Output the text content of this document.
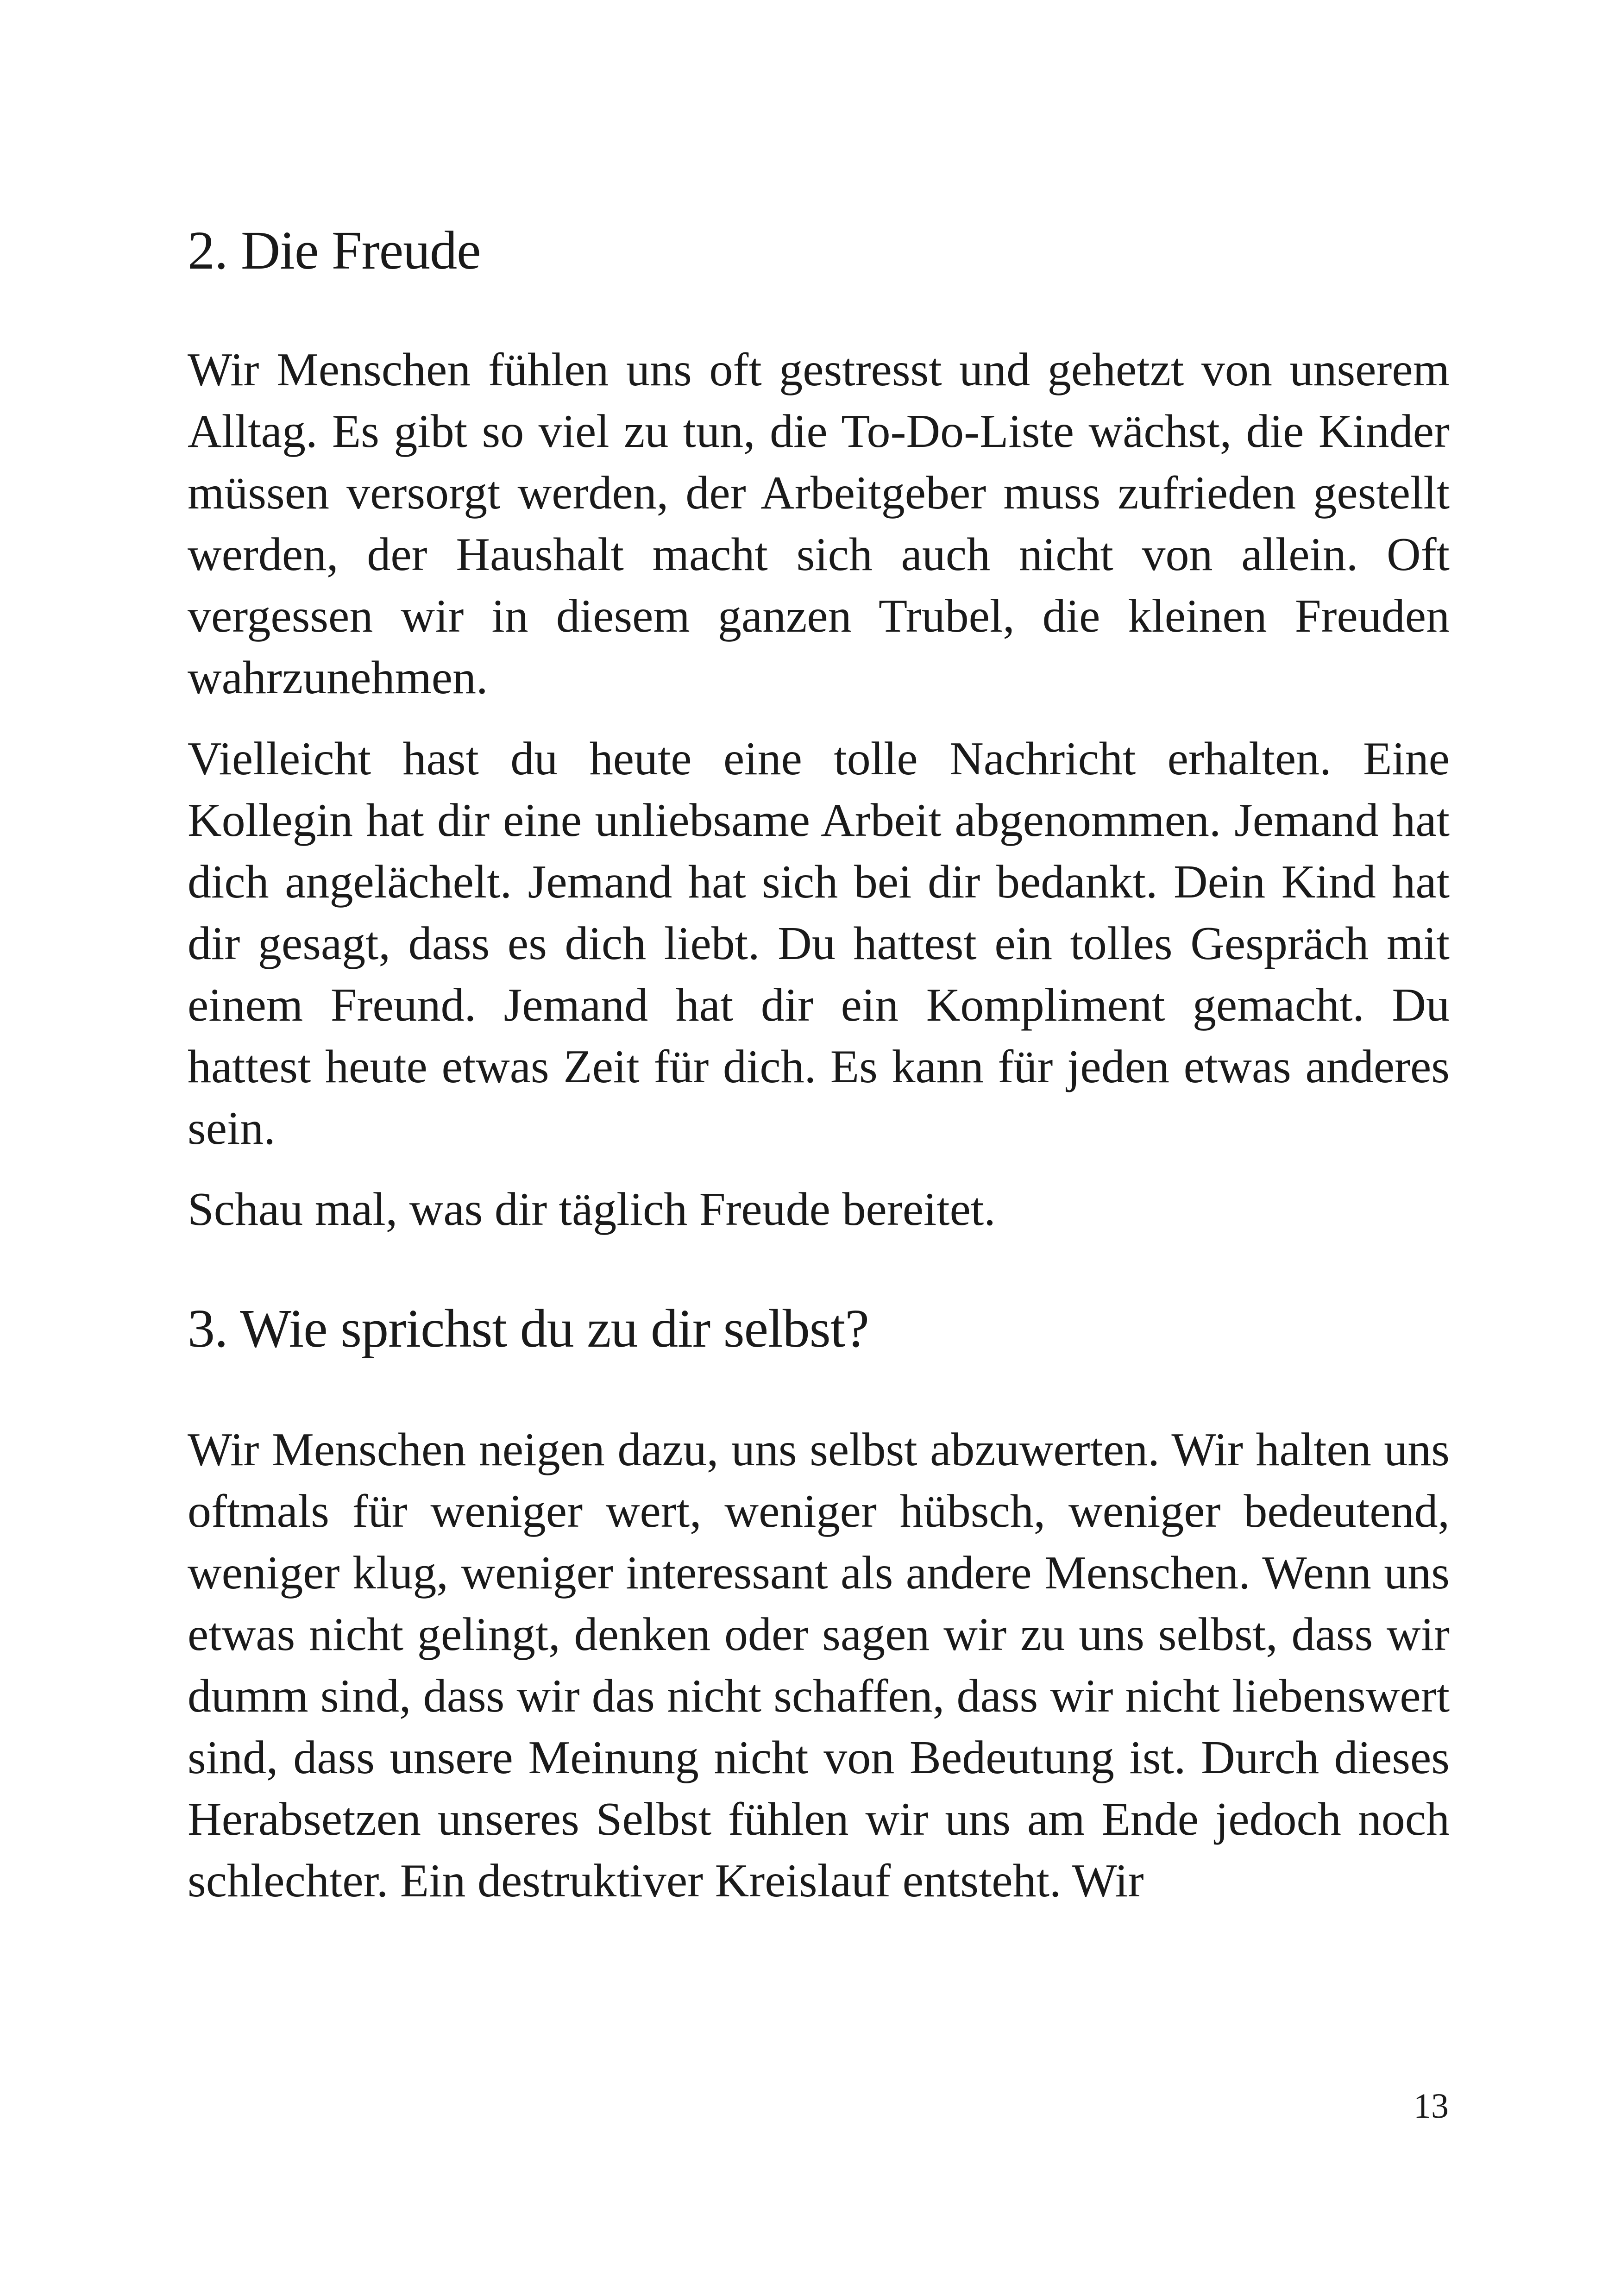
2. Die Freude

Wir Menschen fühlen uns oft gestresst und gehetzt von unserem Alltag. Es gibt so viel zu tun, die To-Do-Liste wächst, die Kinder müssen versorgt werden, der Arbeitgeber muss zufrieden gestellt werden, der Haushalt macht sich auch nicht von allein. Oft vergessen wir in diesem ganzen Trubel, die kleinen Freuden wahrzunehmen.

Vielleicht hast du heute eine tolle Nachricht erhalten. Eine Kollegin hat dir eine unliebsame Arbeit abgenommen. Jemand hat dich angelächelt. Jemand hat sich bei dir bedankt. Dein Kind hat dir gesagt, dass es dich liebt. Du hattest ein tolles Gespräch mit einem Freund. Jemand hat dir ein Kompliment gemacht. Du hattest heute etwas Zeit für dich. Es kann für jeden etwas anderes sein.

Schau mal, was dir täglich Freude bereitet.

3. Wie sprichst du zu dir selbst?

Wir Menschen neigen dazu, uns selbst abzuwerten. Wir halten uns oftmals für weniger wert, weniger hübsch, weniger bedeutend, weniger klug, weniger interessant als andere Menschen. Wenn uns etwas nicht gelingt, denken oder sagen wir zu uns selbst, dass wir dumm sind, dass wir das nicht schaffen, dass wir nicht liebenswert sind, dass unsere Meinung nicht von Bedeutung ist. Durch dieses Herabsetzen unseres Selbst fühlen wir uns am Ende jedoch noch schlechter. Ein destruktiver Kreislauf entsteht. Wir

13
